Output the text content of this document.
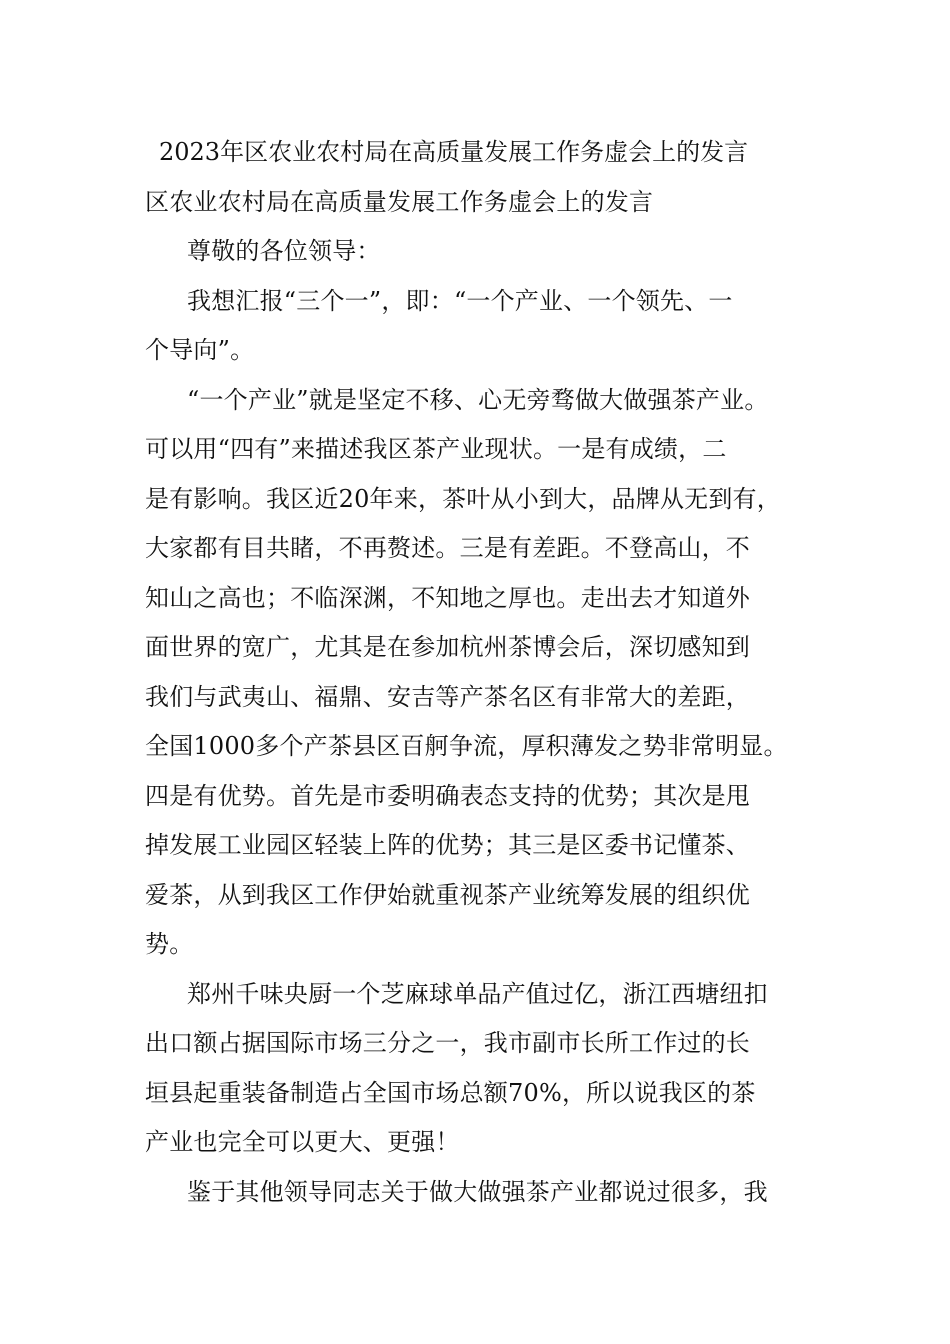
2023年区农业农村局在高质量发展工作务虚会上的发言
区农业农村局在高质量发展工作务虚会上的发言
尊敬的各位领导：
我想汇报“三个一”，即：“一个产业、一个领先、一
个导向”。
“一个产业”就是坚定不移、心无旁骛做大做强茶产业。
可以用“四有”来描述我区茶产业现状。一是有成绩，二
是有影响。我区近20年来，茶叶从小到大，品牌从无到有，
大家都有目共睹，不再赘述。三是有差距。不登高山，不
知山之高也；不临深渊，不知地之厚也。走出去才知道外
面世界的宽广，尤其是在参加杭州茶博会后，深切感知到
我们与武夷山、福鼎、安吉等产茶名区有非常大的差距，
全国1000多个产茶县区百舸争流，厚积薄发之势非常明显。
四是有优势。首先是市委明确表态支持的优势；其次是甩
掉发展工业园区轻装上阵的优势；其三是区委书记懂茶、
爱茶，从到我区工作伊始就重视茶产业统筹发展的组织优
势。
郑州千味央厨一个芝麻球单品产值过亿，浙江西塘纽扣
出口额占据国际市场三分之一，我市副市长所工作过的长
垣县起重装备制造占全国市场总额70%，所以说我区的茶
产业也完全可以更大、更强！
鉴于其他领导同志关于做大做强茶产业都说过很多，我
